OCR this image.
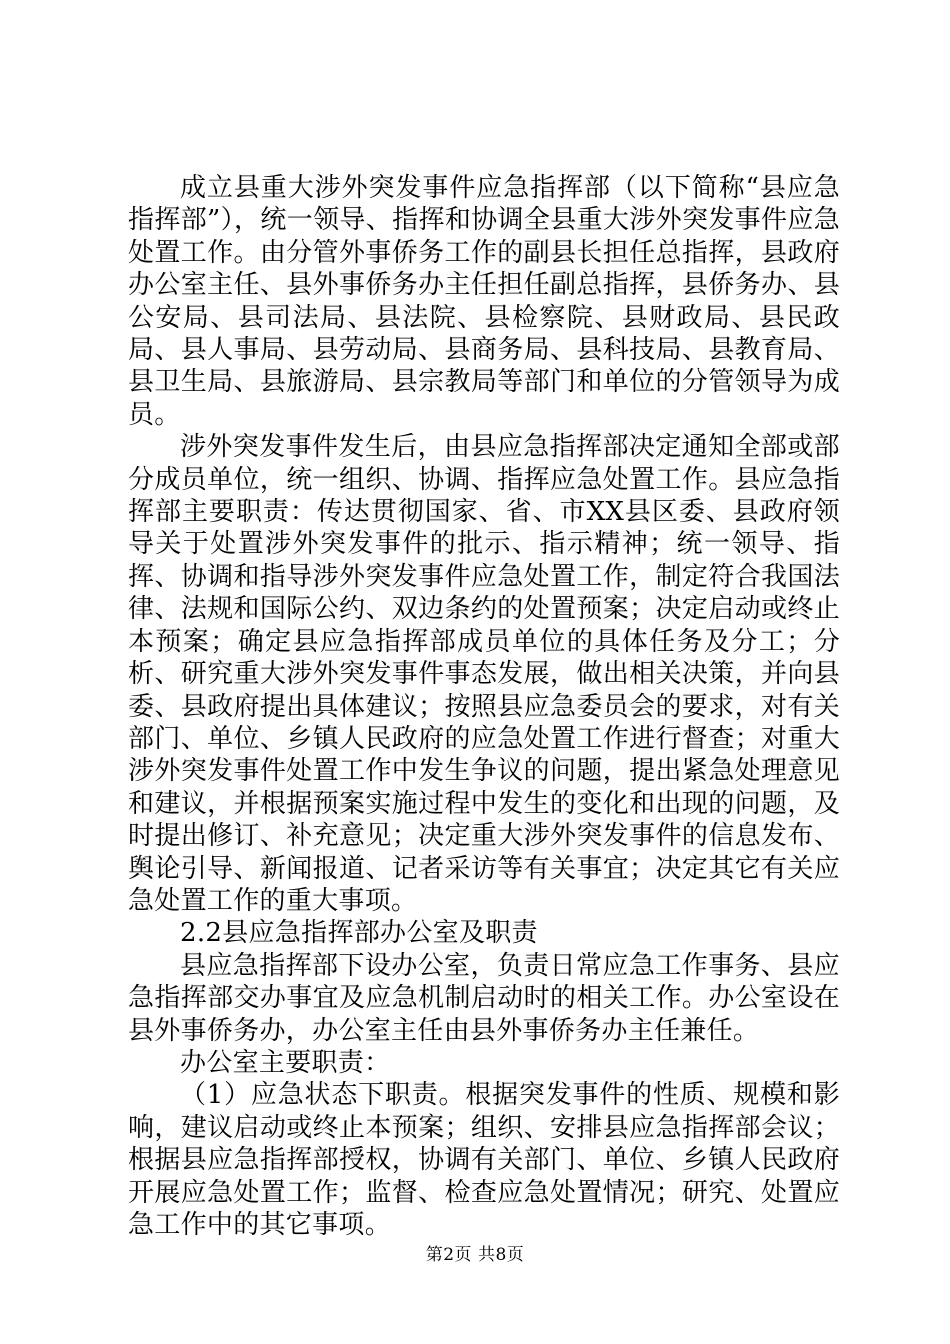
成立县重大涉外突发事件应急指挥部（以下简称“县应急指挥部”），统一领导、指挥和协调全县重大涉外突发事件应急处置工作。由分管外事侨务工作的副县长担任总指挥，县政府办公室主任、县外事侨务办主任担任副总指挥，县侨务办、县公安局、县司法局、县法院、县检察院、县财政局、县民政局、县人事局、县劳动局、县商务局、县科技局、县教育局、县卫生局、县旅游局、县宗教局等部门和单位的分管领导为成员。

涉外突发事件发生后，由县应急指挥部决定通知全部或部分成员单位，统一组织、协调、指挥应急处置工作。县应急指挥部主要职责：传达贯彻国家、省、市XX县区委、县政府领导关于处置涉外突发事件的批示、指示精神；统一领导、指挥、协调和指导涉外突发事件应急处置工作，制定符合我国法律、法规和国际公约、双边条约的处置预案；决定启动或终止本预案；确定县应急指挥部成员单位的具体任务及分工；分析、研究重大涉外突发事件事态发展，做出相关决策，并向县委、县政府提出具体建议；按照县应急委员会的要求，对有关部门、单位、乡镇人民政府的应急处置工作进行督查；对重大涉外突发事件处置工作中发生争议的问题，提出紧急处理意见和建议，并根据预案实施过程中发生的变化和出现的问题，及时提出修订、补充意见；决定重大涉外突发事件的信息发布、舆论引导、新闻报道、记者采访等有关事宜；决定其它有关应急处置工作的重大事项。

2.2县应急指挥部办公室及职责

县应急指挥部下设办公室，负责日常应急工作事务、县应急指挥部交办事宜及应急机制启动时的相关工作。办公室设在县外事侨务办，办公室主任由县外事侨务办主任兼任。

办公室主要职责：

（1）应急状态下职责。根据突发事件的性质、规模和影响，建议启动或终止本预案；组织、安排县应急指挥部会议；根据县应急指挥部授权，协调有关部门、单位、乡镇人民政府开展应急处置工作；监督、检查应急处置情况；研究、处置应急工作中的其它事项。

第2页 共8页
